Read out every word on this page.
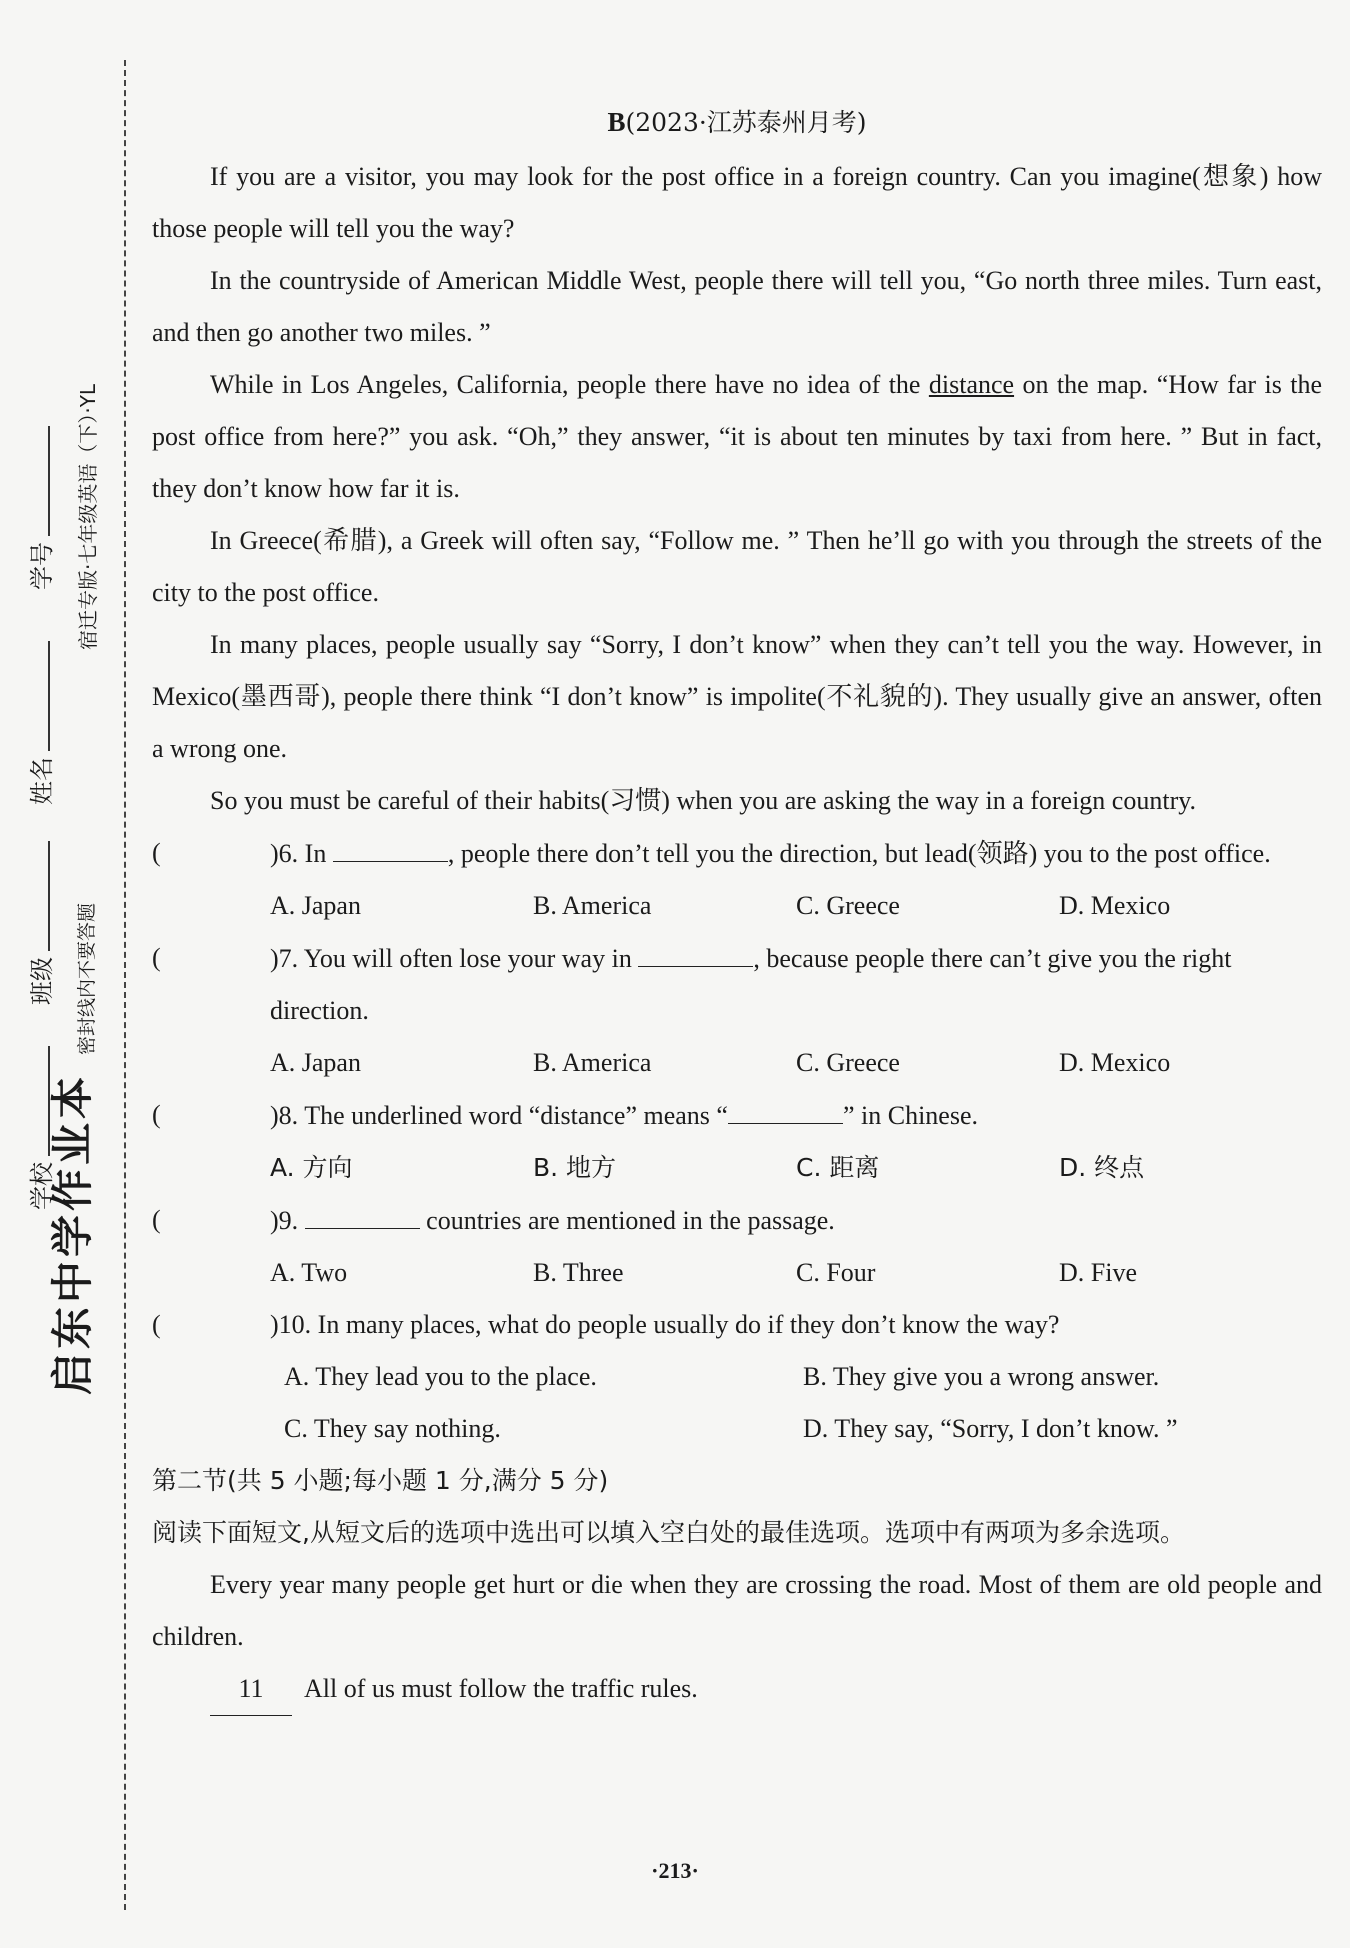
宿迁专版·七年级英语（下）·YL
密封线内不要答题
启东中学作业本
学号
姓名
班级
学校
B(2023·江苏泰州月考)

If you are a visitor, you may look for the post office in a foreign country. Can you imagine(想象) how those people will tell you the way?

In the countryside of American Middle West, people there will tell you, “Go north three miles. Turn east, and then go another two miles. ”

While in Los Angeles, California, people there have no idea of the distance on the map. “How far is the post office from here?” you ask. “Oh,” they answer, “it is about ten minutes by taxi from here. ” But in fact, they don’t know how far it is.

In Greece(希腊), a Greek will often say, “Follow me. ” Then he’ll go with you through the streets of the city to the post office.

In many places, people usually say “Sorry, I don’t know” when they can’t tell you the way. However, in Mexico(墨西哥), people there think “I don’t know” is impolite(不礼貌的). They usually give an answer, often a wrong one.

So you must be careful of their habits(习惯) when you are asking the way in a foreign country.

(	)6. In	, people there don’t tell you the direction, but lead(领路) you to the post office.
A. Japan	B. America	C. Greece	D. Mexico
(	)7. You will often lose your way in	, because people there can’t give you the right direction.
A. Japan	B. America	C. Greece	D. Mexico
(	)8. The underlined word “distance” means “	” in Chinese.
A. 方向	B. 地方	C. 距离	D. 终点
(	)9.	countries are mentioned in the passage.
A. Two	B. Three	C. Four	D. Five
(	)10. In many places, what do people usually do if they don’t know the way?
A. They lead you to the place.	B. They give you a wrong answer.
C. They say nothing.	D. They say, “Sorry, I don’t know. ”
第二节(共 5 小题;每小题 1 分,满分 5 分)
阅读下面短文,从短文后的选项中选出可以填入空白处的最佳选项。选项中有两项为多余选项。

Every year many people get hurt or die when they are crossing the road. Most of them are old people and children.

11 All of us must follow the traffic rules.

·213·
